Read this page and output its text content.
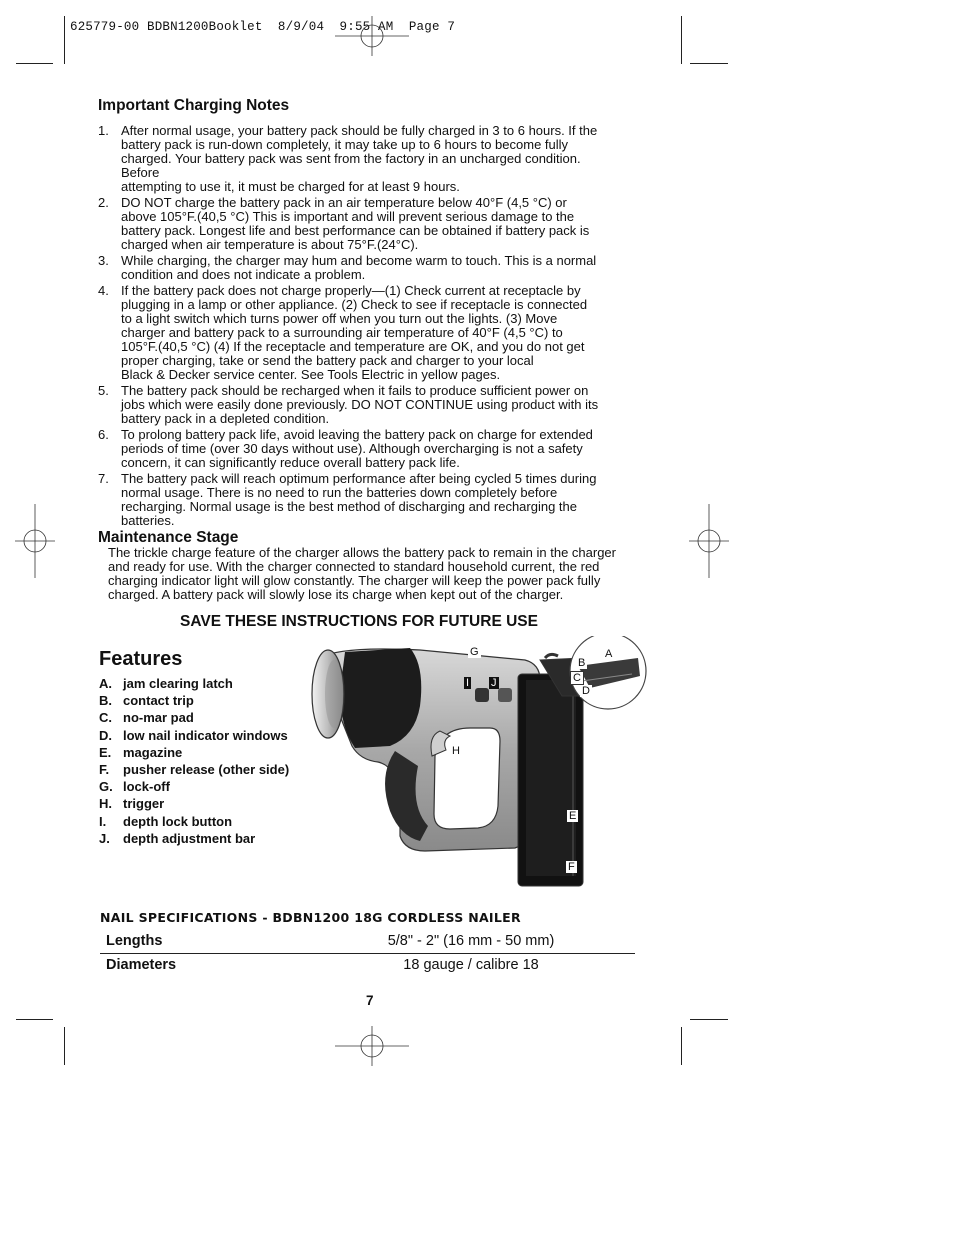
625779-00 BDBN1200Booklet  8/9/04  9:55 AM  Page 7
Important Charging Notes
1. After normal usage, your battery pack should be fully charged in 3 to 6 hours. If the

battery pack is run-down completely, it may take up to 6 hours to become fully

charged. Your battery pack was sent from the factory in an uncharged condition.

Before

attempting to use it, it must be charged for at least 9 hours.

2. DO NOT charge the battery pack in an air temperature below 40°F (4,5 °C) or

above 105°F.(40,5 °C) This is important and will prevent serious damage to the

battery pack. Longest life and best performance can be obtained if battery pack is

charged when air temperature is about 75°F.(24°C).

3. While charging, the charger may hum and become warm to touch. This is a normal

condition and does not indicate a problem.

4. If the battery pack does not charge properly—(1) Check current at receptacle by

plugging in a lamp or other appliance. (2) Check to see if receptacle is connected

to a light switch which turns power off when you turn out the lights. (3) Move

charger and battery pack to a surrounding air temperature of 40°F (4,5 °C) to

105°F.(40,5 °C) (4) If the receptacle and temperature are OK, and you do not get

proper charging, take or send the battery pack and charger to your local

Black & Decker service center. See Tools Electric in yellow pages.

5. The battery pack should be recharged when it fails to produce sufficient power on

jobs which were easily done previously. DO NOT CONTINUE using product with its

battery pack in a depleted condition.

6. To prolong battery pack life, avoid leaving the battery pack on charge for extended

periods of time (over 30 days without use). Although overcharging is not a safety

concern, it can significantly reduce overall battery pack life.

7. The battery pack will reach optimum performance after being cycled 5 times during

normal usage. There is no need to run the batteries down completely before

recharging. Normal usage is the best method of discharging and recharging the

batteries.

Maintenance Stage
The trickle charge feature of the charger allows the battery pack to remain in the charger
and ready for use. With the charger connected to standard household current, the red
charging indicator light will glow constantly. The charger will keep the power pack fully
charged. A battery pack will slowly lose its charge when kept out of the charger.
SAVE THESE INSTRUCTIONS FOR FUTURE USE
Features
A. jam clearing latch
B. contact trip
C. no-mar pad
D. low nail indicator windows
E. magazine
F. pusher release (other side)
G. lock-off
H. trigger
I. depth lock button
J. depth adjustment bar
G	A
B
C
D
I J
H
E
F
NAIL SPECIFICATIONS - BDBN1200 18G CORDLESS NAILER
Lengths	5/8" - 2" (16 mm - 50 mm)
Diameters	18 gauge / calibre 18
7
